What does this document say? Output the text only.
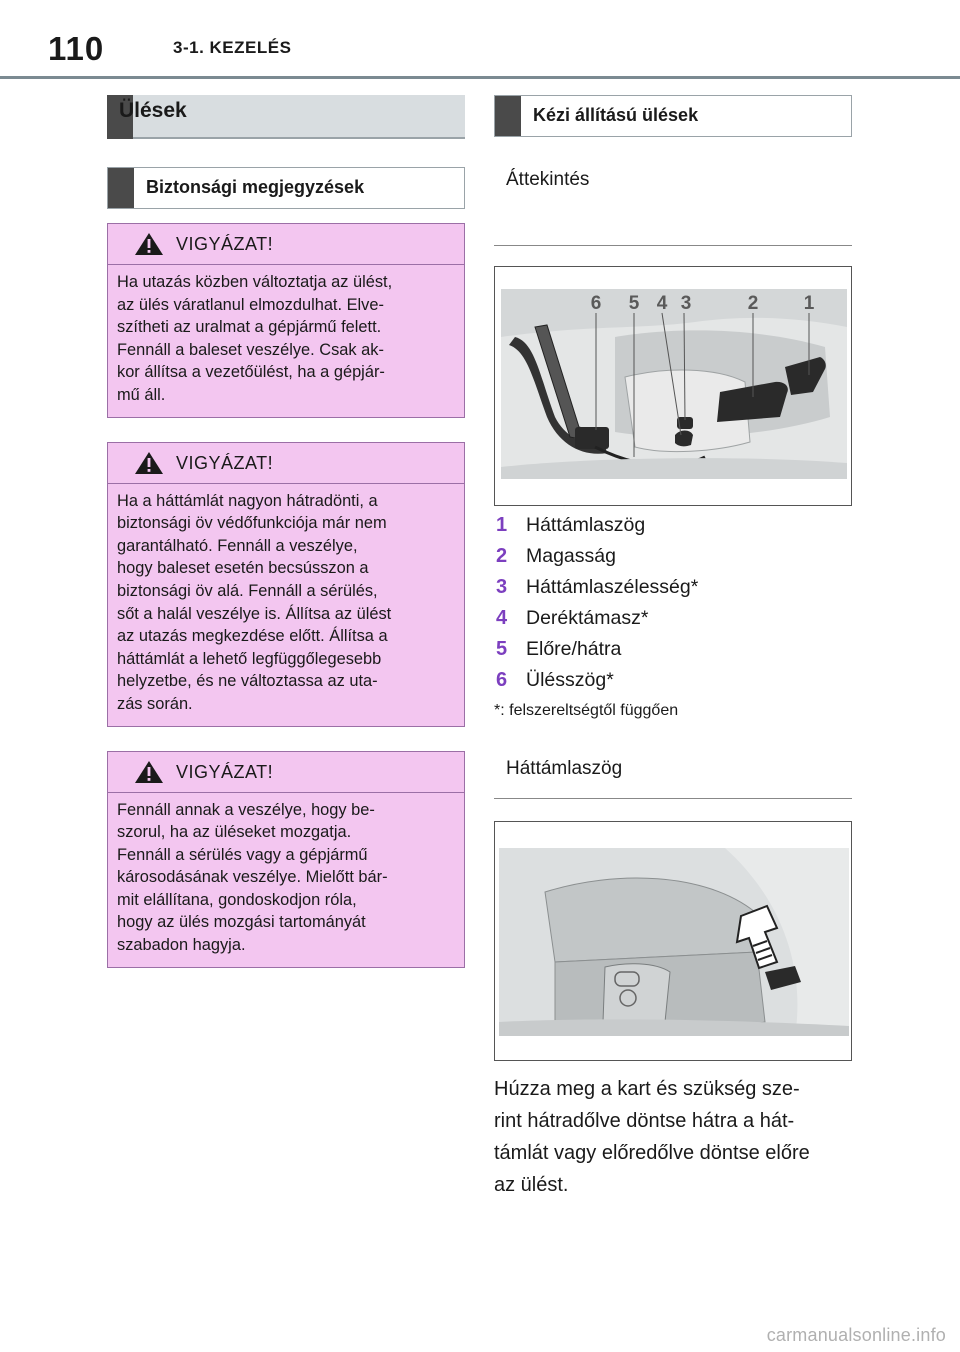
110	3-1. KEZELÉS
Ülések
Biztonsági megjegyzések
VIGYÁZAT!
Ha utazás közben változtatja az ülést,
az ülés váratlanul elmozdulhat. Elve-
szítheti az uralmat a gépjármű felett.
Fennáll a baleset veszélye. Csak ak-
kor állítsa a vezetőülést, ha a gépjár-
mű áll.
VIGYÁZAT!
Ha a háttámlát nagyon hátradönti, a
biztonsági öv védőfunkciója már nem
garantálható. Fennáll a veszélye,
hogy baleset esetén becsússzon a
biztonsági öv alá. Fennáll a sérülés,
sőt a halál veszélye is. Állítsa az ülést
az utazás megkezdése előtt. Állítsa a
háttámlát a lehető legfüggőlegesebb
helyzetbe, és ne változtassa az uta-
zás során.
VIGYÁZAT!
Fennáll annak a veszélye, hogy be-
szorul, ha az üléseket mozgatja.
Fennáll a sérülés vagy a gépjármű
károsodásának veszélye. Mielőtt bár-
mit elállítana, gondoskodjon róla,
hogy az ülés mozgási tartományát
szabadon hagyja.
Kézi állítású ülések
Áttekintés
6 5 4 3	2 1
1 Háttámlaszög
2 Magasság
3 Háttámlaszélesség*
4 Deréktámasz*
5 Előre/hátra
6 Ülésszög*
*: felszereltségtől függően
Háttámlaszög
Húzza meg a kart és szükség sze-
rint hátradőlve döntse hátra a hát-
támlát vagy előredőlve döntse előre
az ülést.
carmanualsonline.info
